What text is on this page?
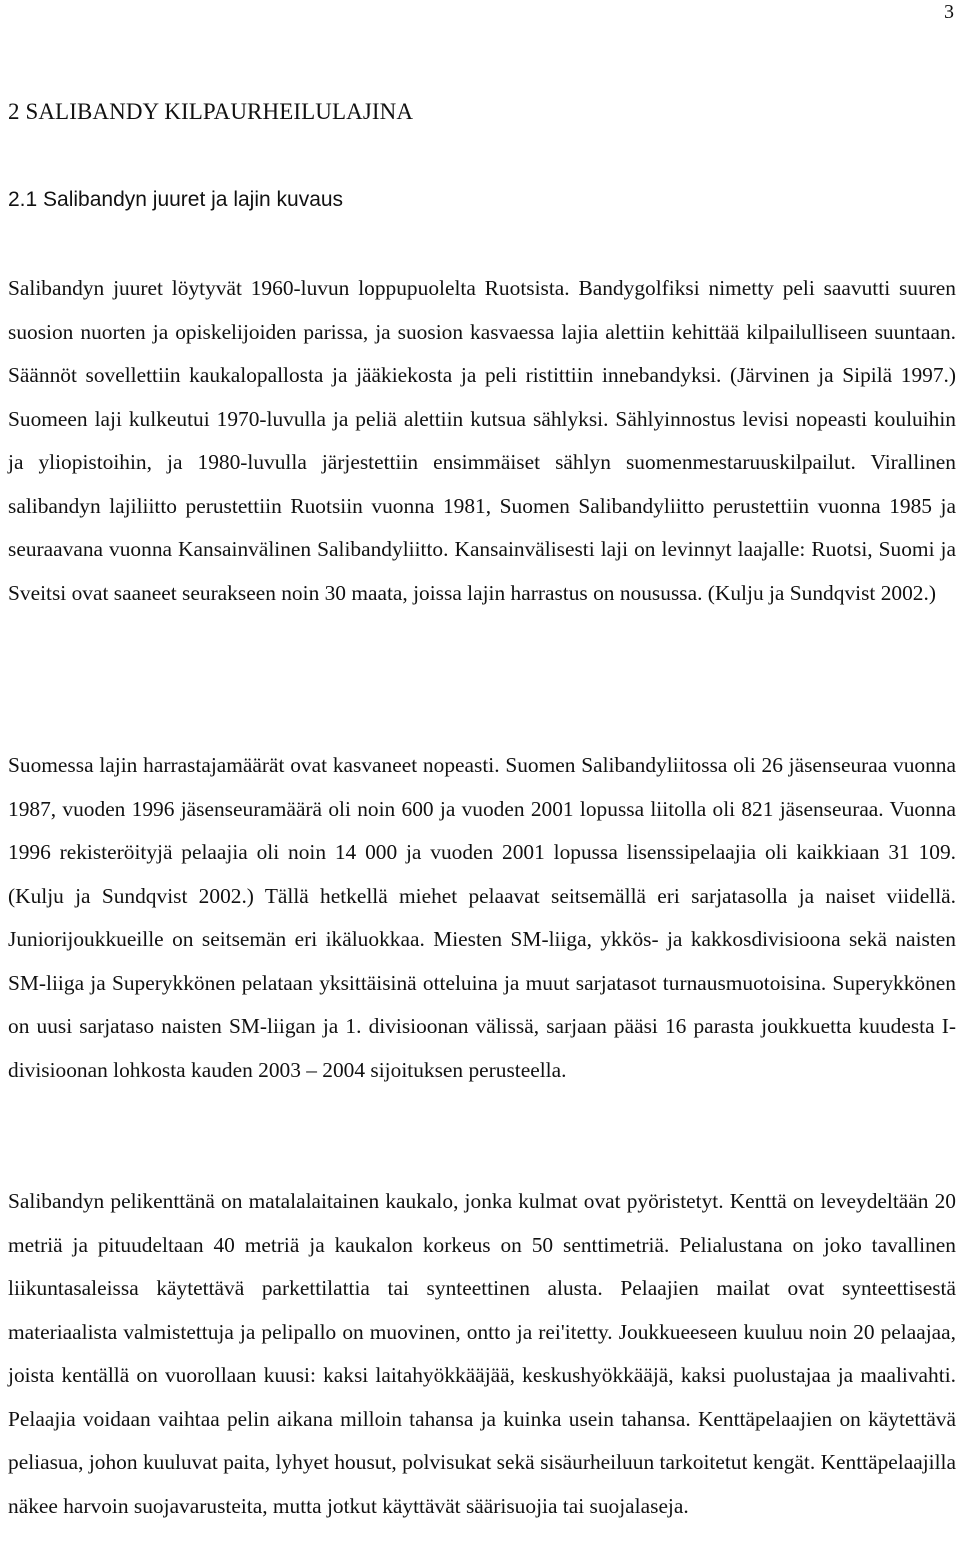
3
2 SALIBANDY KILPAURHEILULAJINA
2.1 Salibandyn juuret ja lajin kuvaus

Salibandyn juuret löytyvät 1960-luvun loppupuolelta Ruotsista. Bandygolfiksi nimetty peli saavutti suuren suosion nuorten ja opiskelijoiden parissa, ja suosion kasvaessa lajia alettiin kehittää kilpailulliseen suuntaan. Säännöt sovellettiin kaukalopallosta ja jääkiekosta ja peli ristittiin innebandyksi. (Järvinen ja Sipilä 1997.) Suomeen laji kulkeutui 1970-luvulla ja peliä alettiin kutsua sählyksi. Sählyinnostus levisi nopeasti kouluihin ja yliopistoihin, ja 1980-luvulla järjestettiin ensimmäiset sählyn suomenmestaruuskilpailut. Virallinen salibandyn lajiliitto perustettiin Ruotsiin vuonna 1981, Suomen Salibandyliitto perustettiin vuonna 1985 ja seuraavana vuonna Kansainvälinen Salibandyliitto. Kansainvälisesti laji on levinnyt laajalle: Ruotsi, Suomi ja Sveitsi ovat saaneet seurakseen noin 30 maata, joissa lajin harrastus on nousussa. (Kulju ja Sundqvist 2002.)

Suomessa lajin harrastajamäärät ovat kasvaneet nopeasti. Suomen Salibandyliitossa oli 26 jäsenseuraa vuonna 1987, vuoden 1996 jäsenseuramäärä oli noin 600 ja vuoden 2001 lopussa liitolla oli 821 jäsenseuraa. Vuonna 1996 rekisteröityjä pelaajia oli noin 14 000 ja vuoden 2001 lopussa lisenssipelaajia oli kaikkiaan 31 109. (Kulju ja Sundqvist 2002.) Tällä hetkellä miehet pelaavat seitsemällä eri sarjatasolla ja naiset viidellä. Juniorijoukkueille on seitsemän eri ikäluokkaa. Miesten SM-liiga, ykkös- ja kakkosdivisioona sekä naisten SM-liiga ja Superykkönen pelataan yksittäisinä otteluina ja muut sarjatasot turnausmuotoisina. Superykkönen on uusi sarjataso naisten SM-liigan ja 1. divisioonan välissä, sarjaan pääsi 16 parasta joukkuetta kuudesta I-divisioonan lohkosta kauden 2003 – 2004 sijoituksen perusteella.

Salibandyn pelikenttänä on matalalaitainen kaukalo, jonka kulmat ovat pyöristetyt. Kenttä on leveydeltään 20 metriä ja pituudeltaan 40 metriä ja kaukalon korkeus on 50 senttimetriä. Pelialustana on joko tavallinen liikuntasaleissa käytettävä parkettilattia tai synteettinen alusta. Pelaajien mailat ovat synteettisestä materiaalista valmistettuja ja pelipallo on muovinen, ontto ja rei'itetty. Joukkueeseen kuuluu noin 20 pelaajaa, joista kentällä on vuorollaan kuusi: kaksi laitahyökkääjää, keskushyökkääjä, kaksi puolustajaa ja maalivahti. Pelaajia voidaan vaihtaa pelin aikana milloin tahansa ja kuinka usein tahansa. Kenttäpelaajien on käytettävä peliasua, johon kuuluvat paita, lyhyet housut, polvisukat sekä sisäurheiluun tarkoitetut kengät. Kenttäpelaajilla näkee harvoin suojavarusteita, mutta jotkut käyttävät säärisuojia tai suojalaseja.
